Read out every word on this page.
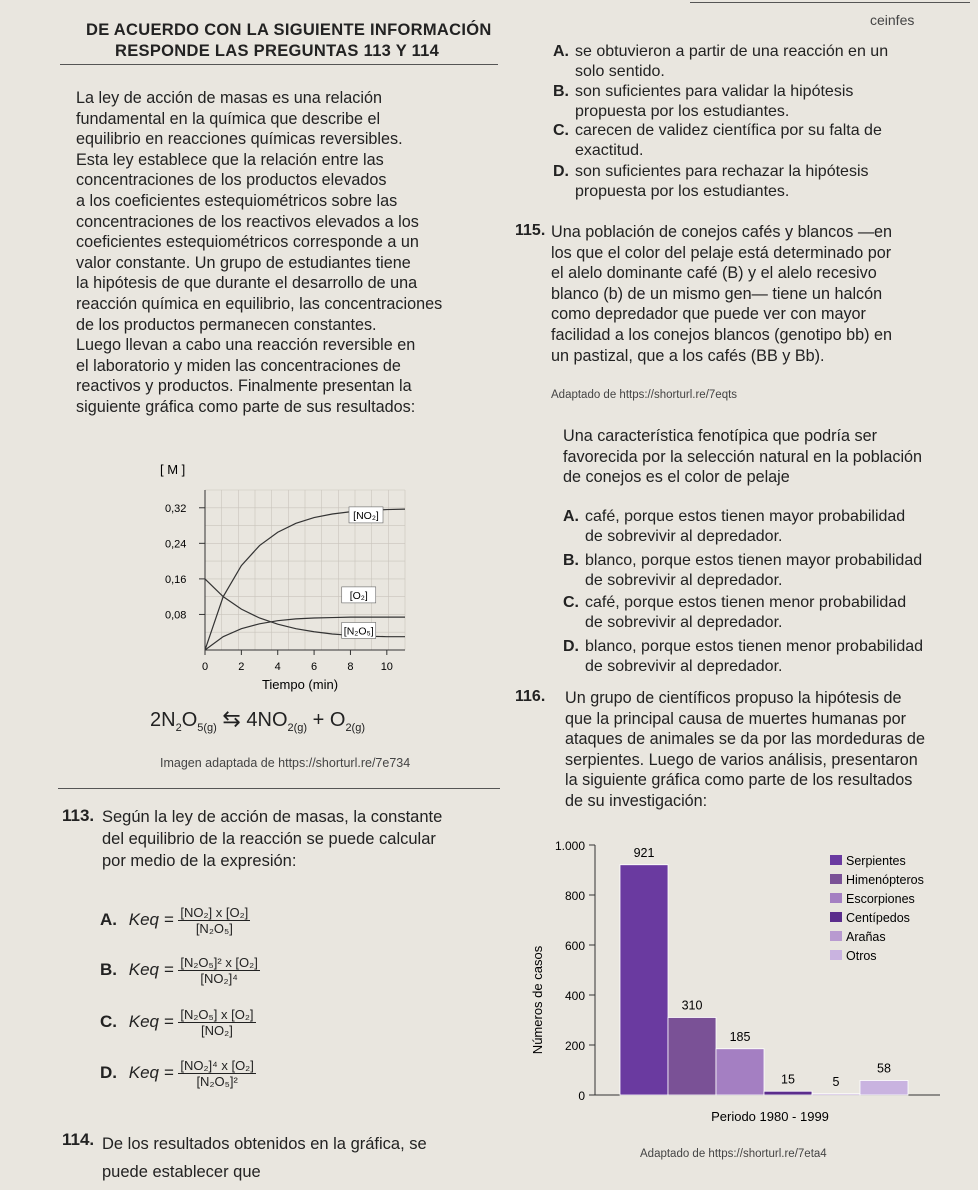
ceinfes
DE ACUERDO CON LA SIGUIENTE INFORMACIÓN
RESPONDE LAS PREGUNTAS 113 Y 114
La ley de acción de masas es una relación
fundamental en la química que describe el
equilibrio en reacciones químicas reversibles.
Esta ley establece que la relación entre las
concentraciones de los productos elevados
a los coeficientes estequiométricos sobre las
concentraciones de los reactivos elevados a los
coeficientes estequiométricos corresponde a un
valor constante. Un grupo de estudiantes tiene
la hipótesis de que durante el desarrollo de una
reacción química en equilibrio, las concentraciones
de los productos permanecen constantes.
Luego llevan a cabo una reacción reversible en
el laboratorio y miden las concentraciones de
reactivos y productos. Finalmente presentan la
siguiente gráfica como parte de sus resultados:
[ M ]
0,08
0,16
0,24
0,32
0	2	4	6	8 10
[NO₂]
[O₂]
[N₂O₅]
Tiempo (min)
$2N_2O_{5(g)}$ ⇆ $4NO_{2(g)} + O_{2(g)}$
Imagen adaptada de https://shorturl.re/7e734
113. Según la ley de acción de masas, la constante
del equilibrio de la reacción se puede calcular
por medio de la expresión:
A. Keq = $\frac{\text{[NO₂] x [O₂]}}{\text{[N₂O₅]}}$
B. Keq = $\frac{\text{[N₂O₅]² x [O₂]}}{\text{[NO₂]⁴}}$
C. Keq = $\frac{\text{[N₂O₅] x [O₂]}}{\text{[NO₂]}}$
D. Keq = $\frac{\text{[NO₂]⁴ x [O₂]}}{\text{[N₂O₅]²}}$
114. De los resultados obtenidos en la gráfica, se
puede establecer que
A. se obtuvieron a partir de una reacción en un
solo sentido.
B. son suficientes para validar la hipótesis
propuesta por los estudiantes.
C. carecen de validez científica por su falta de
exactitud.
D. son suficientes para rechazar la hipótesis
propuesta por los estudiantes.
115. Una población de conejos cafés y blancos —en
los que el color del pelaje está determinado por
el alelo dominante café (B) y el alelo recesivo
blanco (b) de un mismo gen— tiene un halcón
como depredador que puede ver con mayor
facilidad a los conejos blancos (genotipo bb) en
un pastizal, que a los cafés (BB y Bb).
Adaptado de https://shorturl.re/7eqts
Una característica fenotípica que podría ser
favorecida por la selección natural en la población
de conejos es el color de pelaje
A. café, porque estos tienen mayor probabilidad
de sobrevivir al depredador.
B. blanco, porque estos tienen mayor probabilidad
de sobrevivir al depredador.
C. café, porque estos tienen menor probabilidad
de sobrevivir al depredador.
D. blanco, porque estos tienen menor probabilidad
de sobrevivir al depredador.
116. Un grupo de científicos propuso la hipótesis de
que la principal causa de muertes humanas por
ataques de animales se da por las mordeduras de
serpientes. Luego de varios análisis, presentaron
la siguiente gráfica como parte de los resultados
de su investigación:
Números de casos
0
200
400
600
800
1.000	921
310
185
15	5
58
Serpientes
Himenópteros
Escorpiones
Centípedos
Arañas
Otros
Periodo 1980 - 1999
Adaptado de https://shorturl.re/7eta4
